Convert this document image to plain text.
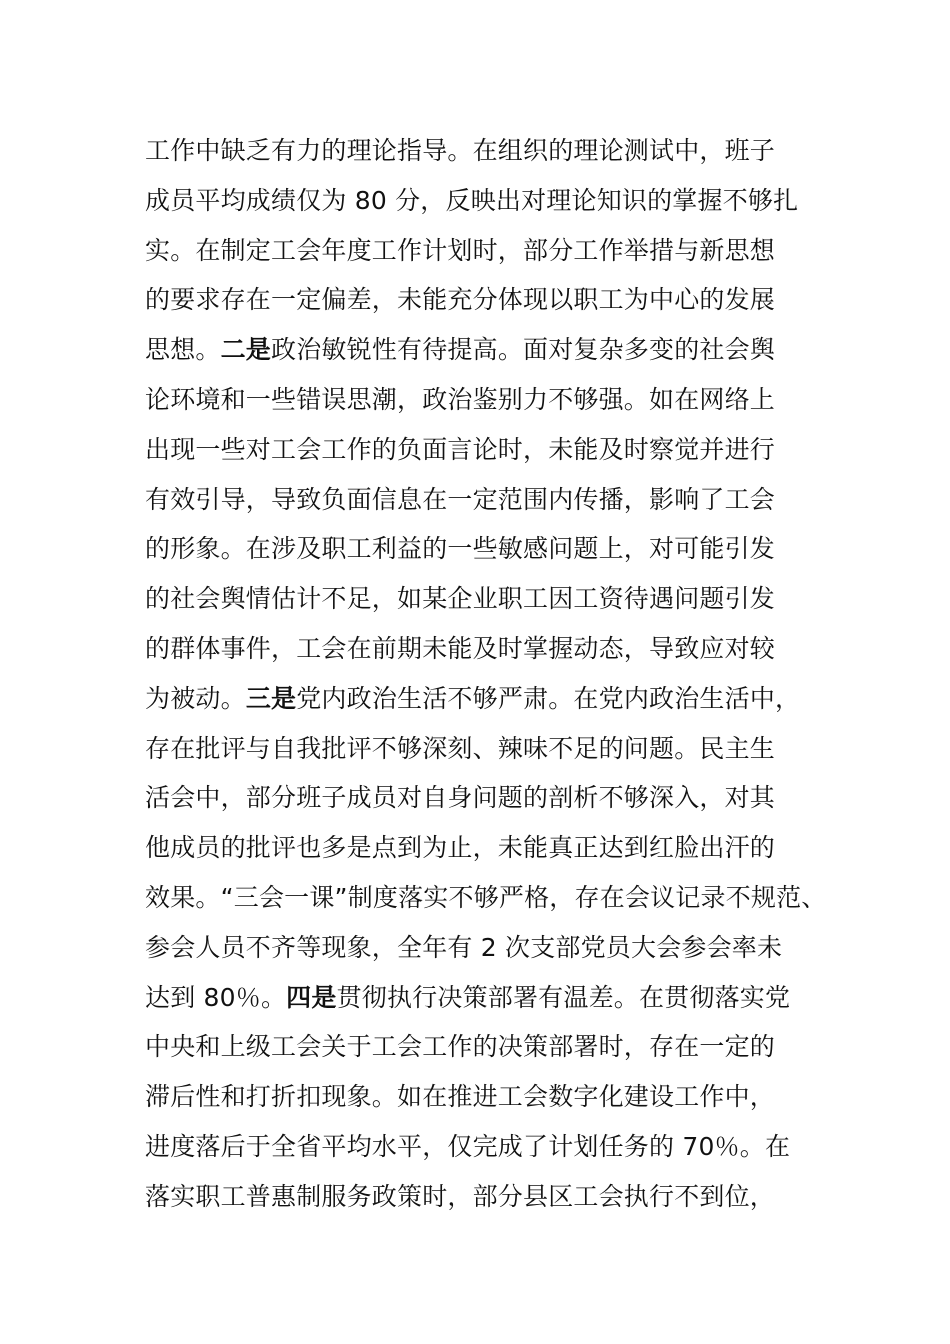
工作中缺乏有力的理论指导。在组织的理论测试中，班子
成员平均成绩仅为 80 分，反映出对理论知识的掌握不够扎
实。在制定工会年度工作计划时，部分工作举措与新思想
的要求存在一定偏差，未能充分体现以职工为中心的发展
思想。二是政治敏锐性有待提高。面对复杂多变的社会舆
论环境和一些错误思潮，政治鉴别力不够强。如在网络上
出现一些对工会工作的负面言论时，未能及时察觉并进行
有效引导，导致负面信息在一定范围内传播，影响了工会
的形象。在涉及职工利益的一些敏感问题上，对可能引发
的社会舆情估计不足，如某企业职工因工资待遇问题引发
的群体事件，工会在前期未能及时掌握动态，导致应对较
为被动。三是党内政治生活不够严肃。在党内政治生活中，
存在批评与自我批评不够深刻、辣味不足的问题。民主生
活会中，部分班子成员对自身问题的剖析不够深入，对其
他成员的批评也多是点到为止，未能真正达到红脸出汗的
效果。“三会一课”制度落实不够严格，存在会议记录不规范、
参会人员不齐等现象，全年有 2 次支部党员大会参会率未
达到 80％。四是贯彻执行决策部署有温差。在贯彻落实党
中央和上级工会关于工会工作的决策部署时，存在一定的
滞后性和打折扣现象。如在推进工会数字化建设工作中，
进度落后于全省平均水平，仅完成了计划任务的 70％。在
落实职工普惠制服务政策时，部分县区工会执行不到位，
